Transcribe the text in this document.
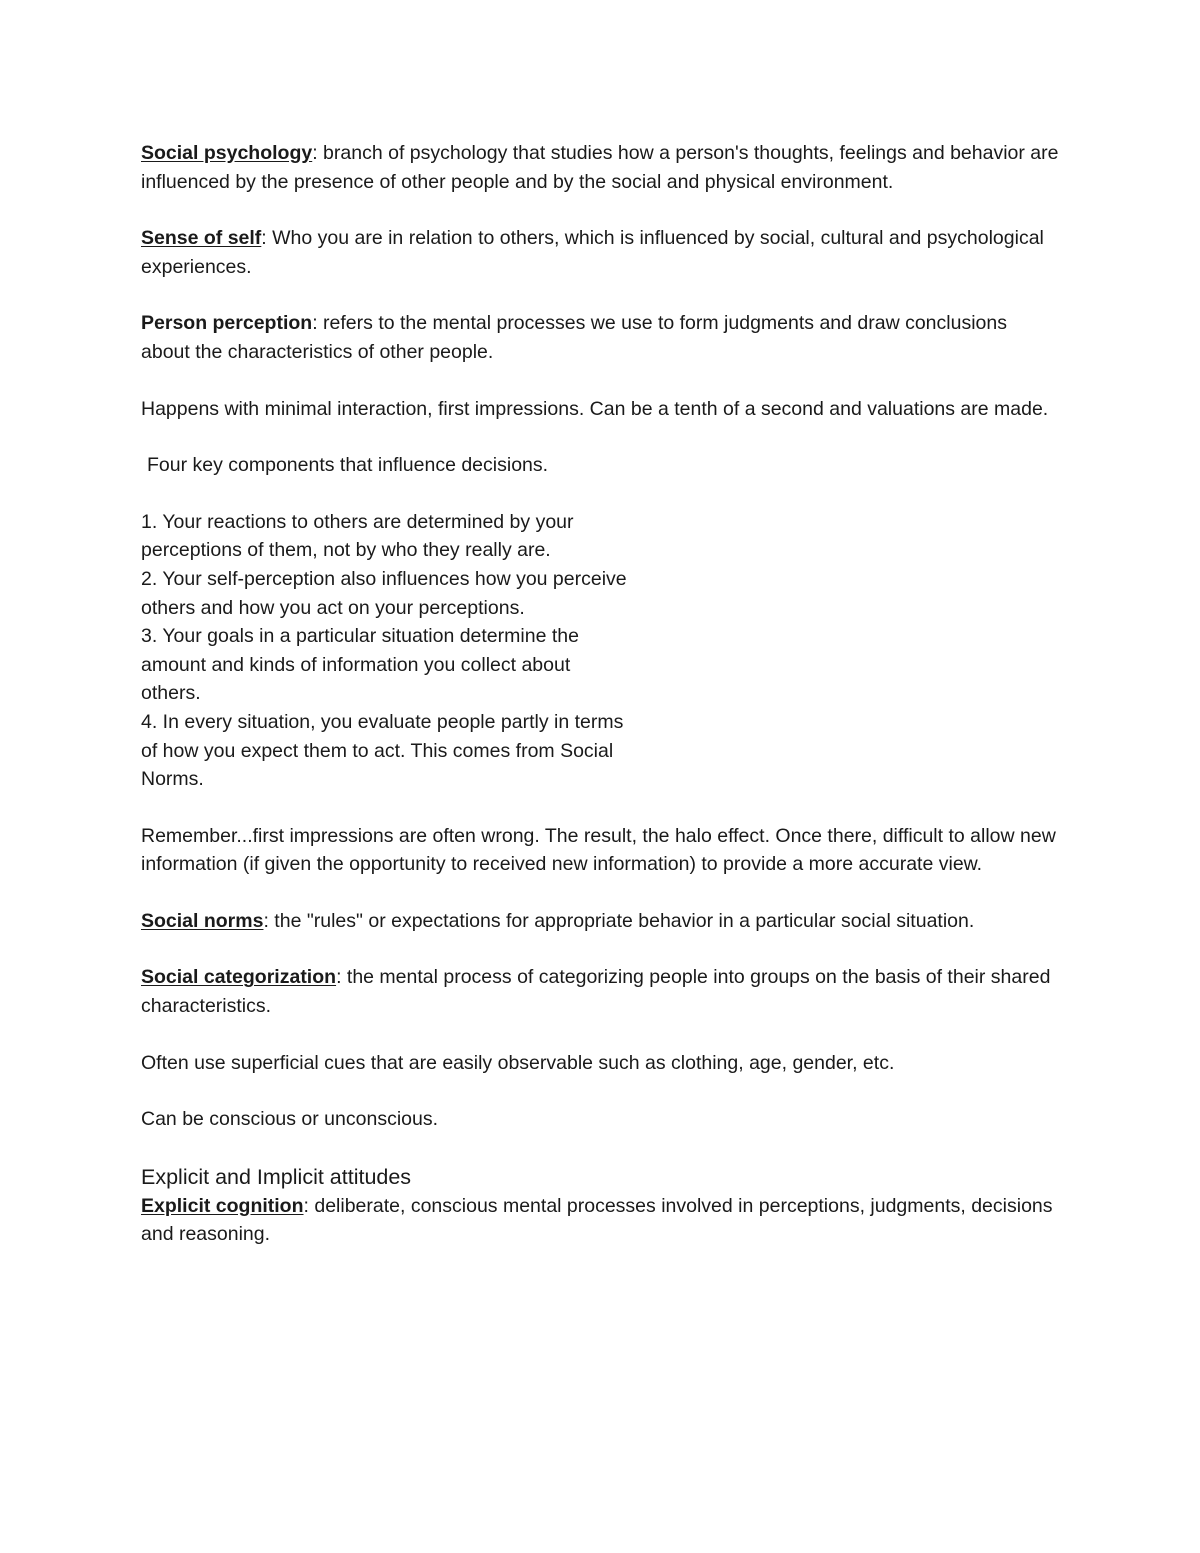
Social psychology: branch of psychology that studies how a person's thoughts, feelings and behavior are influenced by the presence of other people and by the social and physical environment.

Sense of self: Who you are in relation to others, which is influenced by social, cultural and psychological experiences.

Person perception: refers to the mental processes we use to form judgments and draw conclusions about the characteristics of other people.

Happens with minimal interaction, first impressions. Can be a tenth of a second and valuations are made.

Four key components that influence decisions.

1. Your reactions to others are determined by your perceptions of them, not by who they really are.

2. Your self-perception also influences how you perceive others and how you act on your perceptions.

3. Your goals in a particular situation determine the amount and kinds of information you collect about others.

4. In every situation, you evaluate people partly in terms of how you expect them to act. This comes from Social Norms.

Remember...first impressions are often wrong. The result, the halo effect. Once there, difficult to allow new information (if given the opportunity to received new information) to provide a more accurate view.

Social norms: the "rules" or expectations for appropriate behavior in a particular social situation.

Social categorization: the mental process of categorizing people into groups on the basis of their shared characteristics.

Often use superficial cues that are easily observable such as clothing, age, gender, etc.

Can be conscious or unconscious.

Explicit and Implicit attitudes

Explicit cognition: deliberate, conscious mental processes involved in perceptions, judgments, decisions and reasoning.
